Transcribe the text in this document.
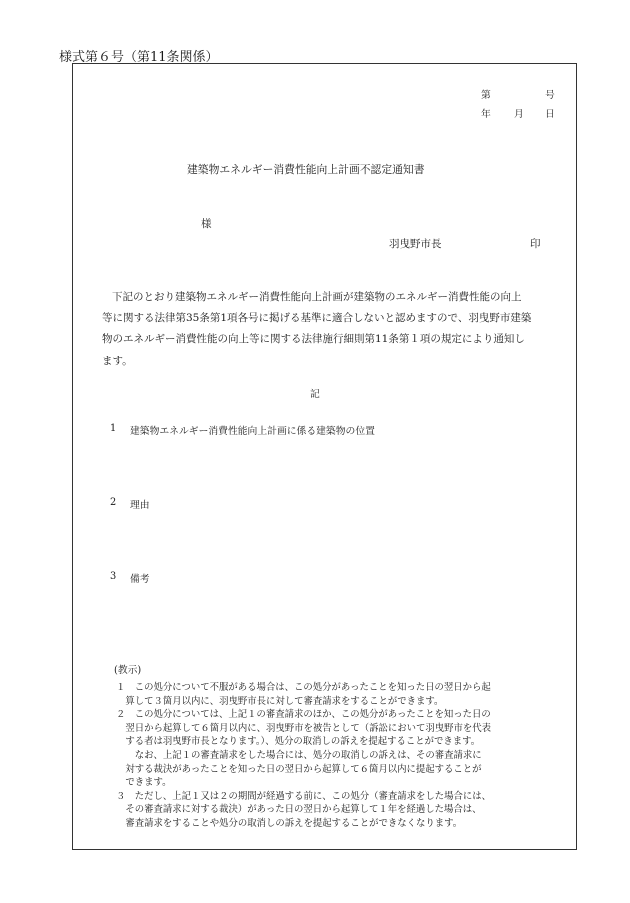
様式第６号（第11条関係）
第	号
年 月 日
建築物エネルギー消費性能向上計画不認定通知書
様
羽曳野市長	印
下記のとおり建築物エネルギー消費性能向上計画が建築物のエネルギー消費性能の向上
等に関する法律第35条第1項各号に掲げる基準に適合しないと認めますので、羽曳野市建築
物のエネルギー消費性能の向上等に関する法律施行細則第11条第１項の規定により通知し
ます。
記
1 建築物エネルギー消費性能向上計画に係る建築物の位置
2 理由
3 備考
(教示)
１　この処分について不服がある場合は、この処分があったことを知った日の翌日から起
　算して３箇月以内に、羽曳野市長に対して審査請求をすることができます。
２　この処分については、上記１の審査請求のほか、この処分があったことを知った日の
　翌日から起算して６箇月以内に、羽曳野市を被告として（訴訟において羽曳野市を代表
　する者は羽曳野市長となります。）、処分の取消しの訴えを提起することができます。
　　なお、上記１の審査請求をした場合には、処分の取消しの訴えは、その審査請求に
　対する裁決があったことを知った日の翌日から起算して６箇月以内に提起することが
　できます。
３　ただし、上記１又は２の期間が経過する前に、この処分（審査請求をした場合には、
　その審査請求に対する裁決）があった日の翌日から起算して１年を経過した場合は、
　審査請求をすることや処分の取消しの訴えを提起することができなくなります。
